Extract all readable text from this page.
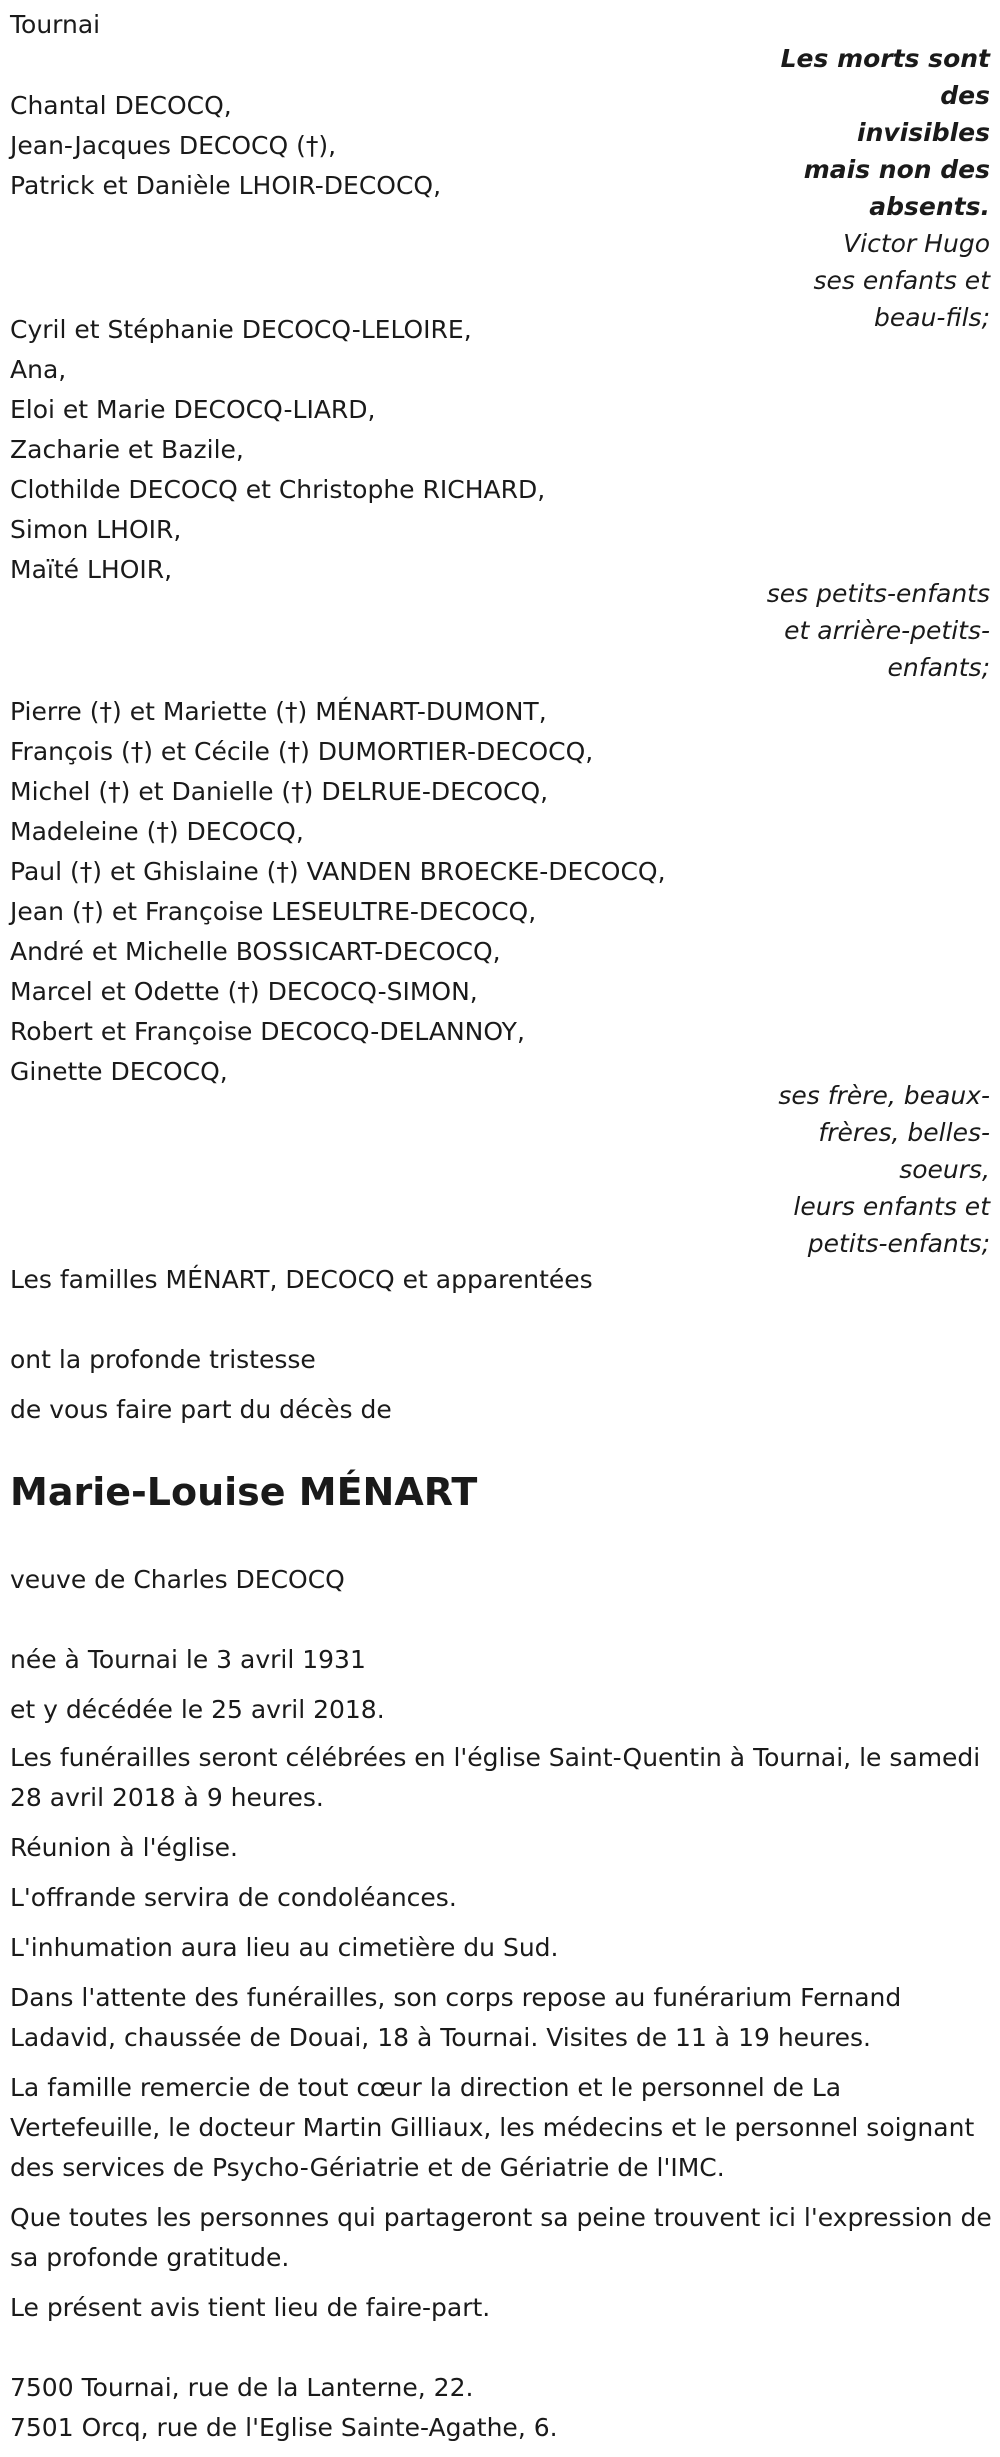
Tournai

Les morts sont des
invisibles
mais non des
absents.
Victor Hugo
ses enfants et
beau-fils;

Chantal DECOCQ,

Jean-Jacques DECOCQ (†),

Patrick et Danièle LHOIR-DECOCQ,

Cyril et Stéphanie DECOCQ-LELOIRE,

Ana,

Eloi et Marie DECOCQ-LIARD,

Zacharie et Bazile,

Clothilde DECOCQ et Christophe RICHARD,

Simon LHOIR,

Maïté LHOIR,

ses petits-enfants
et arrière-petits-
enfants;

Pierre (†) et Mariette (†) MÉNART-DUMONT,

François (†) et Cécile (†) DUMORTIER-DECOCQ,

Michel (†) et Danielle (†) DELRUE-DECOCQ,

Madeleine (†) DECOCQ,

Paul (†) et Ghislaine (†) VANDEN BROECKE-DECOCQ,

Jean (†) et Françoise LESEULTRE-DECOCQ,

André et Michelle BOSSICART-DECOCQ,

Marcel et Odette (†) DECOCQ-SIMON,

Robert et Françoise DECOCQ-DELANNOY,

Ginette DECOCQ,

ses frère, beaux-
frères, belles-
soeurs,
leurs enfants et
petits-enfants;

Les familles MÉNART, DECOCQ et apparentées

ont la profonde tristesse

de vous faire part du décès de

Marie-Louise MÉNART

veuve de Charles DECOCQ

née à Tournai le 3 avril 1931

et y décédée le 25 avril 2018.

Les funérailles seront célébrées en l'église Saint-Quentin à Tournai, le samedi 28 avril 2018 à 9 heures.

Réunion à l'église.

L'offrande servira de condoléances.

L'inhumation aura lieu au cimetière du Sud.

Dans l'attente des funérailles, son corps repose au funérarium Fernand Ladavid, chaussée de Douai, 18 à Tournai. Visites de 11 à 19 heures.

La famille remercie de tout cœur la direction et le personnel de La Vertefeuille, le docteur Martin Gilliaux, les médecins et le personnel soignant des services de Psycho-Gériatrie et de Gériatrie de l'IMC.

Que toutes les personnes qui partageront sa peine trouvent ici l'expression de sa profonde gratitude.

Le présent avis tient lieu de faire-part.

7500 Tournai, rue de la Lanterne, 22.

7501 Orcq, rue de l'Eglise Sainte-Agathe, 6.
